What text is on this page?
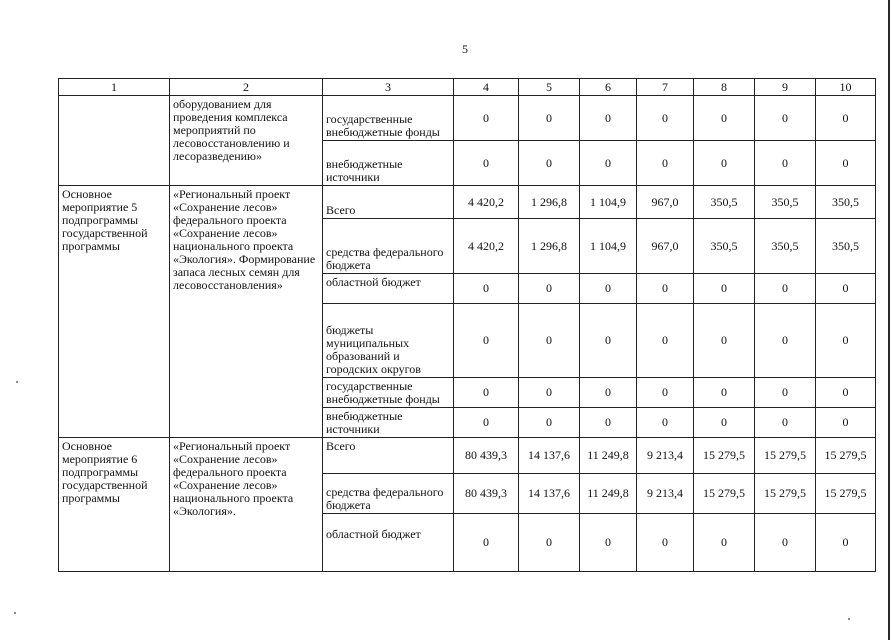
5
1	2	3	4	5	6	7	8	9	10
	оборудованием для проведения комплекса мероприятий по лесовосстановлению и лесоразведению»	государственные внебюджетные фонды	0	0	0	0	0	0	0
		внебюджетные источники	0	0	0	0	0	0	0
Основное мероприятие 5 подпрограммы государственной программы	«Региональный проект «Сохранение лесов» федерального проекта «Сохранение лесов» национального проекта «Экология». Формирование запаса лесных семян для лесовосстановления»	Всего	4 420,2	1 296,8	1 104,9	967,0	350,5	350,5	350,5
		средства федерального бюджета	4 420,2	1 296,8	1 104,9	967,0	350,5	350,5	350,5
		областной бюджет	0	0	0	0	0	0	0
		бюджеты муниципальных образований и городских округов	0	0	0	0	0	0	0
		государственные внебюджетные фонды	0	0	0	0	0	0	0
		внебюджетные источники	0	0	0	0	0	0	0
Основное мероприятие 6 подпрограммы государственной программы	«Региональный проект «Сохранение лесов» федерального проекта «Сохранение лесов» национального проекта «Экология».	Всего	80 439,3	14 137,6	11 249,8	9 213,4	15 279,5	15 279,5	15 279,5
		средства федерального бюджета	80 439,3	14 137,6	11 249,8	9 213,4	15 279,5	15 279,5	15 279,5
		областной бюджет	0	0	0	0	0	0	0
